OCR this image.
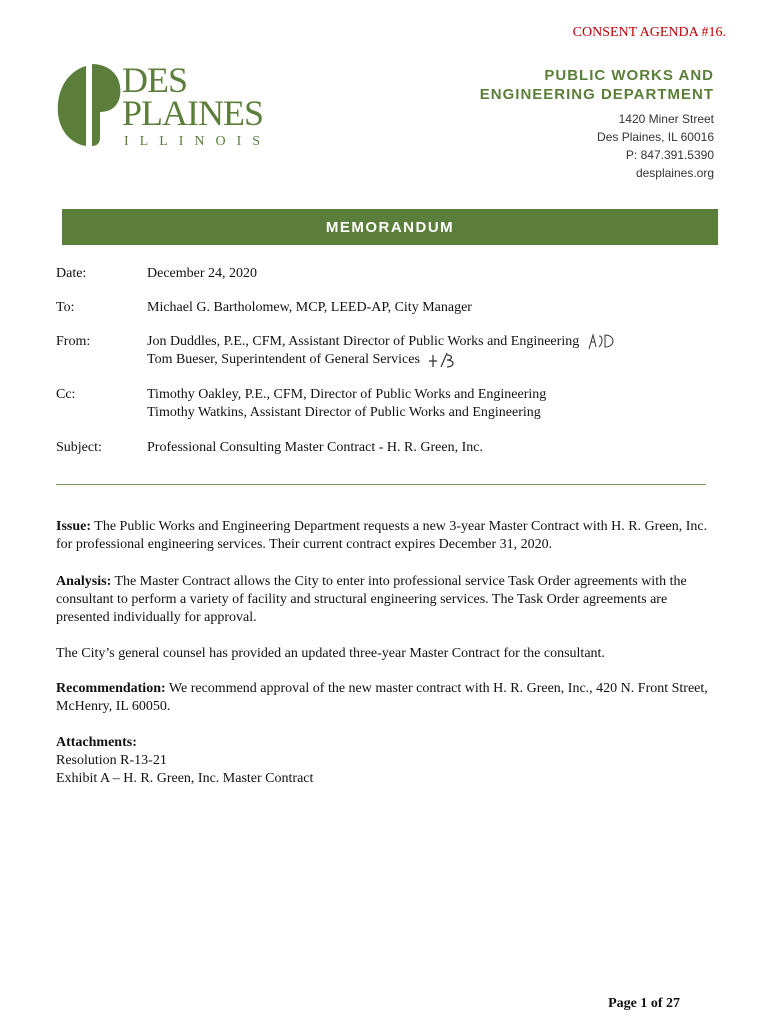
CONSENT AGENDA #16.
DES
PLAINES
ILLINOIS
PUBLIC WORKS AND
ENGINEERING DEPARTMENT
1420 Miner Street
Des Plaines, IL 60016
P: 847.391.5390
desplaines.org
MEMORANDUM
Date:	December 24, 2020
To:	Michael G. Bartholomew, MCP, LEED-AP, City Manager
From:	Jon Duddles, P.E., CFM, Assistant Director of Public Works and Engineering
Tom Bueser, Superintendent of General Services
Cc:	Timothy Oakley, P.E., CFM, Director of Public Works and Engineering
Timothy Watkins, Assistant Director of Public Works and Engineering
Subject:	Professional Consulting Master Contract - H. R. Green, Inc.
Issue: The Public Works and Engineering Department requests a new 3-year Master Contract with H. R. Green, Inc. for professional engineering services. Their current contract expires December 31, 2020.
Analysis: The Master Contract allows the City to enter into professional service Task Order agreements with the consultant to perform a variety of facility and structural engineering services. The Task Order agreements are presented individually for approval.
The City’s general counsel has provided an updated three-year Master Contract for the consultant.
Recommendation: We recommend approval of the new master contract with H. R. Green, Inc., 420 N. Front Street, McHenry, IL 60050.
Attachments:
Resolution R-13-21
Exhibit A – H. R. Green, Inc. Master Contract
Page 1 of 27
